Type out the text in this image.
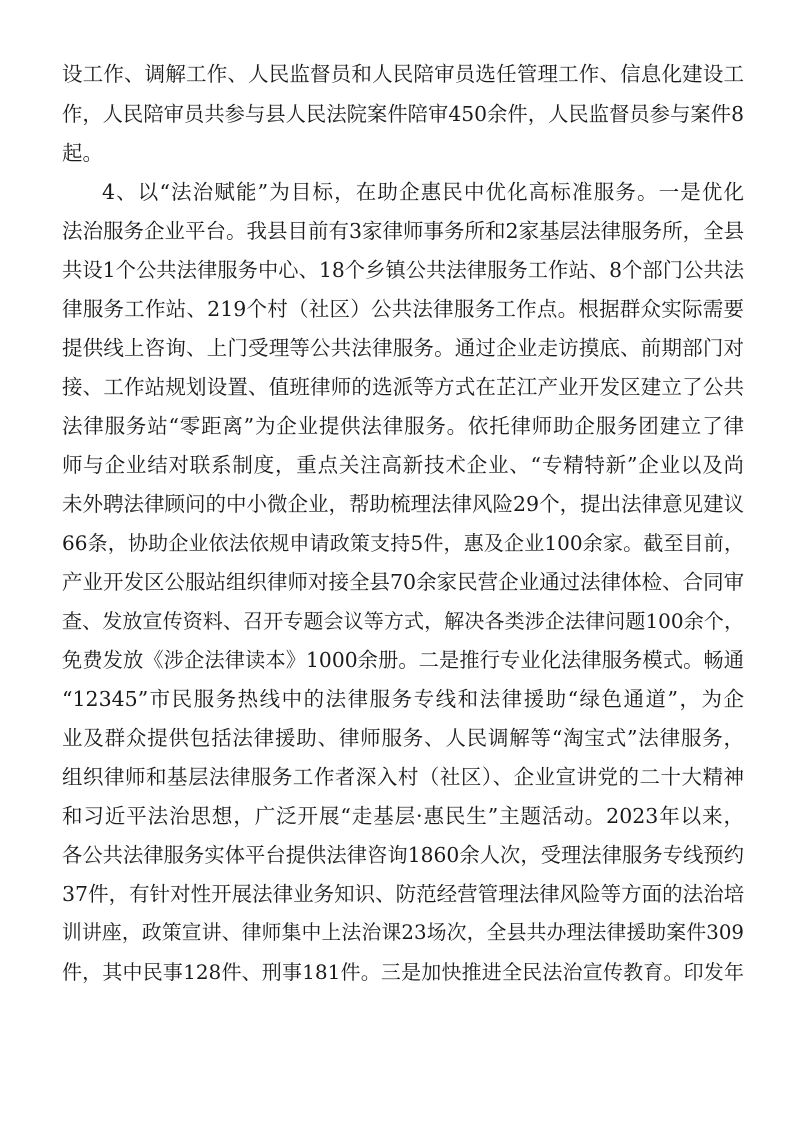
设工作、调解工作、人民监督员和人民陪审员选任管理工作、信息化建设工
作，人民陪审员共参与县人民法院案件陪审450余件，人民监督员参与案件8
起。
4、以“法治赋能”为目标，在助企惠民中优化高标准服务。一是优化
法治服务企业平台。我县目前有3家律师事务所和2家基层法律服务所，全县
共设1个公共法律服务中心、18个乡镇公共法律服务工作站、8个部门公共法
律服务工作站、219个村（社区）公共法律服务工作点。根据群众实际需要
提供线上咨询、上门受理等公共法律服务。通过企业走访摸底、前期部门对
接、工作站规划设置、值班律师的选派等方式在芷江产业开发区建立了公共
法律服务站“零距离”为企业提供法律服务。依托律师助企服务团建立了律
师与企业结对联系制度，重点关注高新技术企业、“专精特新”企业以及尚
未外聘法律顾问的中小微企业，帮助梳理法律风险29个，提出法律意见建议
66条，协助企业依法依规申请政策支持5件，惠及企业100余家。截至目前，
产业开发区公服站组织律师对接全县70余家民营企业通过法律体检、合同审
查、发放宣传资料、召开专题会议等方式，解决各类涉企法律问题100余个，
免费发放《涉企法律读本》1000余册。二是推行专业化法律服务模式。畅通
“12345”市民服务热线中的法律服务专线和法律援助“绿色通道”，为企
业及群众提供包括法律援助、律师服务、人民调解等“淘宝式”法律服务，
组织律师和基层法律服务工作者深入村（社区）、企业宣讲党的二十大精神
和习近平法治思想，广泛开展“走基层·惠民生”主题活动。2023年以来，
各公共法律服务实体平台提供法律咨询1860余人次，受理法律服务专线预约
37件，有针对性开展法律业务知识、防范经营管理法律风险等方面的法治培
训讲座，政策宣讲、律师集中上法治课23场次，全县共办理法律援助案件309
件，其中民事128件、刑事181件。三是加快推进全民法治宣传教育。印发年
